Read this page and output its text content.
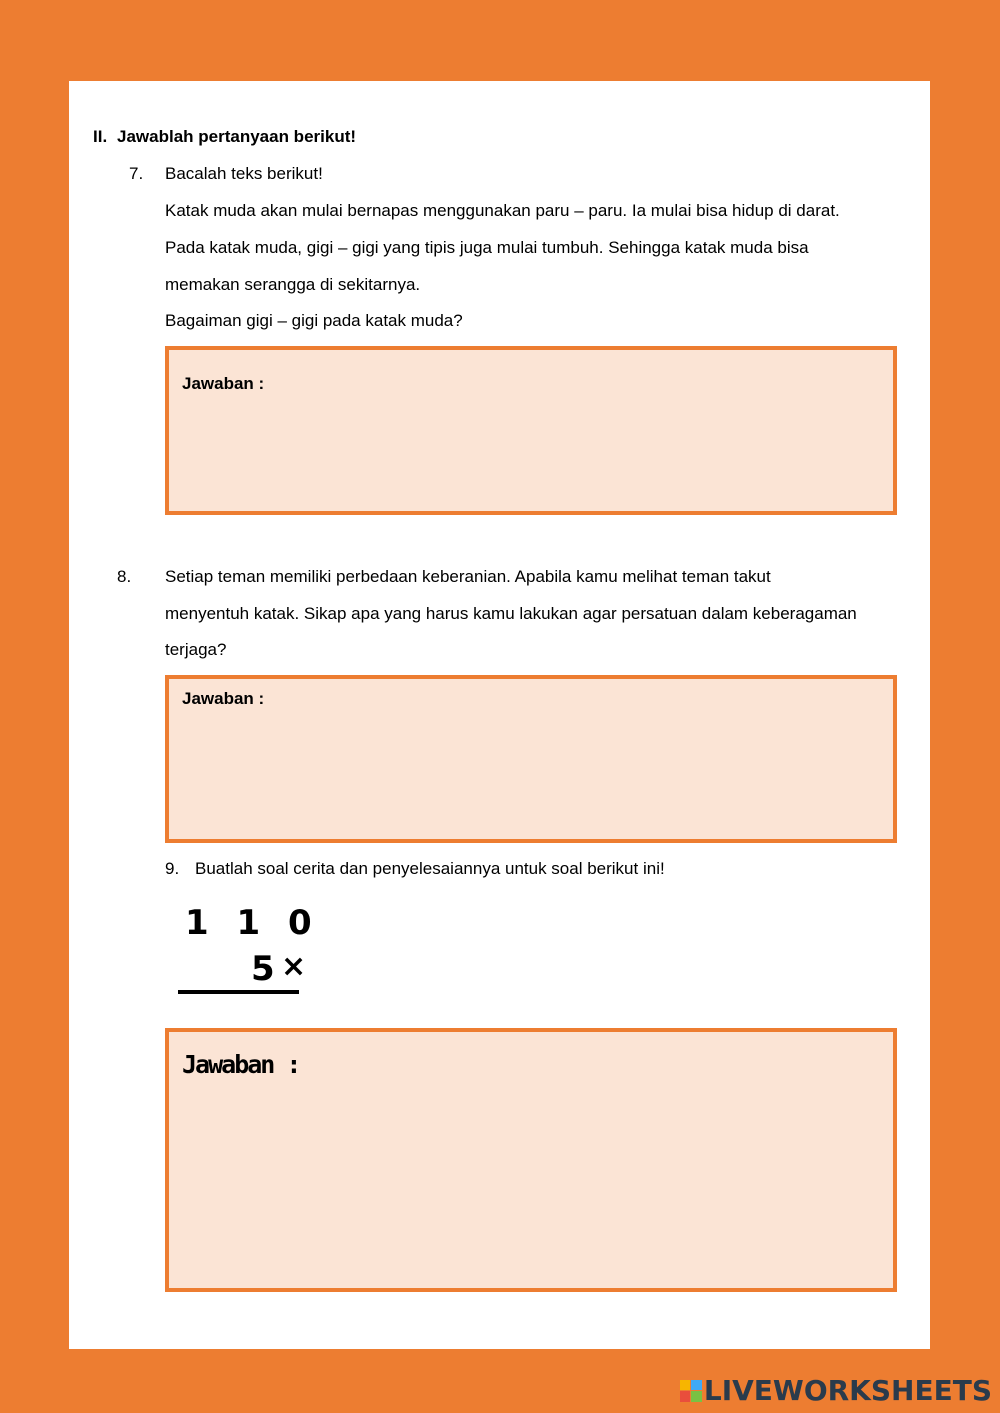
II. Jawablah pertanyaan berikut!
7. Bacalah teks berikut!
Katak muda akan mulai bernapas menggunakan paru – paru. Ia mulai bisa hidup di darat.
Pada katak muda, gigi – gigi yang tipis juga mulai tumbuh. Sehingga katak muda bisa
memakan serangga di sekitarnya.
Bagaiman gigi – gigi pada katak muda?
Jawaban :
8. Setiap teman memiliki perbedaan keberanian. Apabila kamu melihat teman takut
menyentuh katak. Sikap apa yang harus kamu lakukan agar persatuan dalam keberagaman
terjaga?
Jawaban :
9. Buatlah soal cerita dan penyelesaiannya untuk soal berikut ini!
1 1 0
5
×
Jawaban :
LIVEWORKSHEETS
